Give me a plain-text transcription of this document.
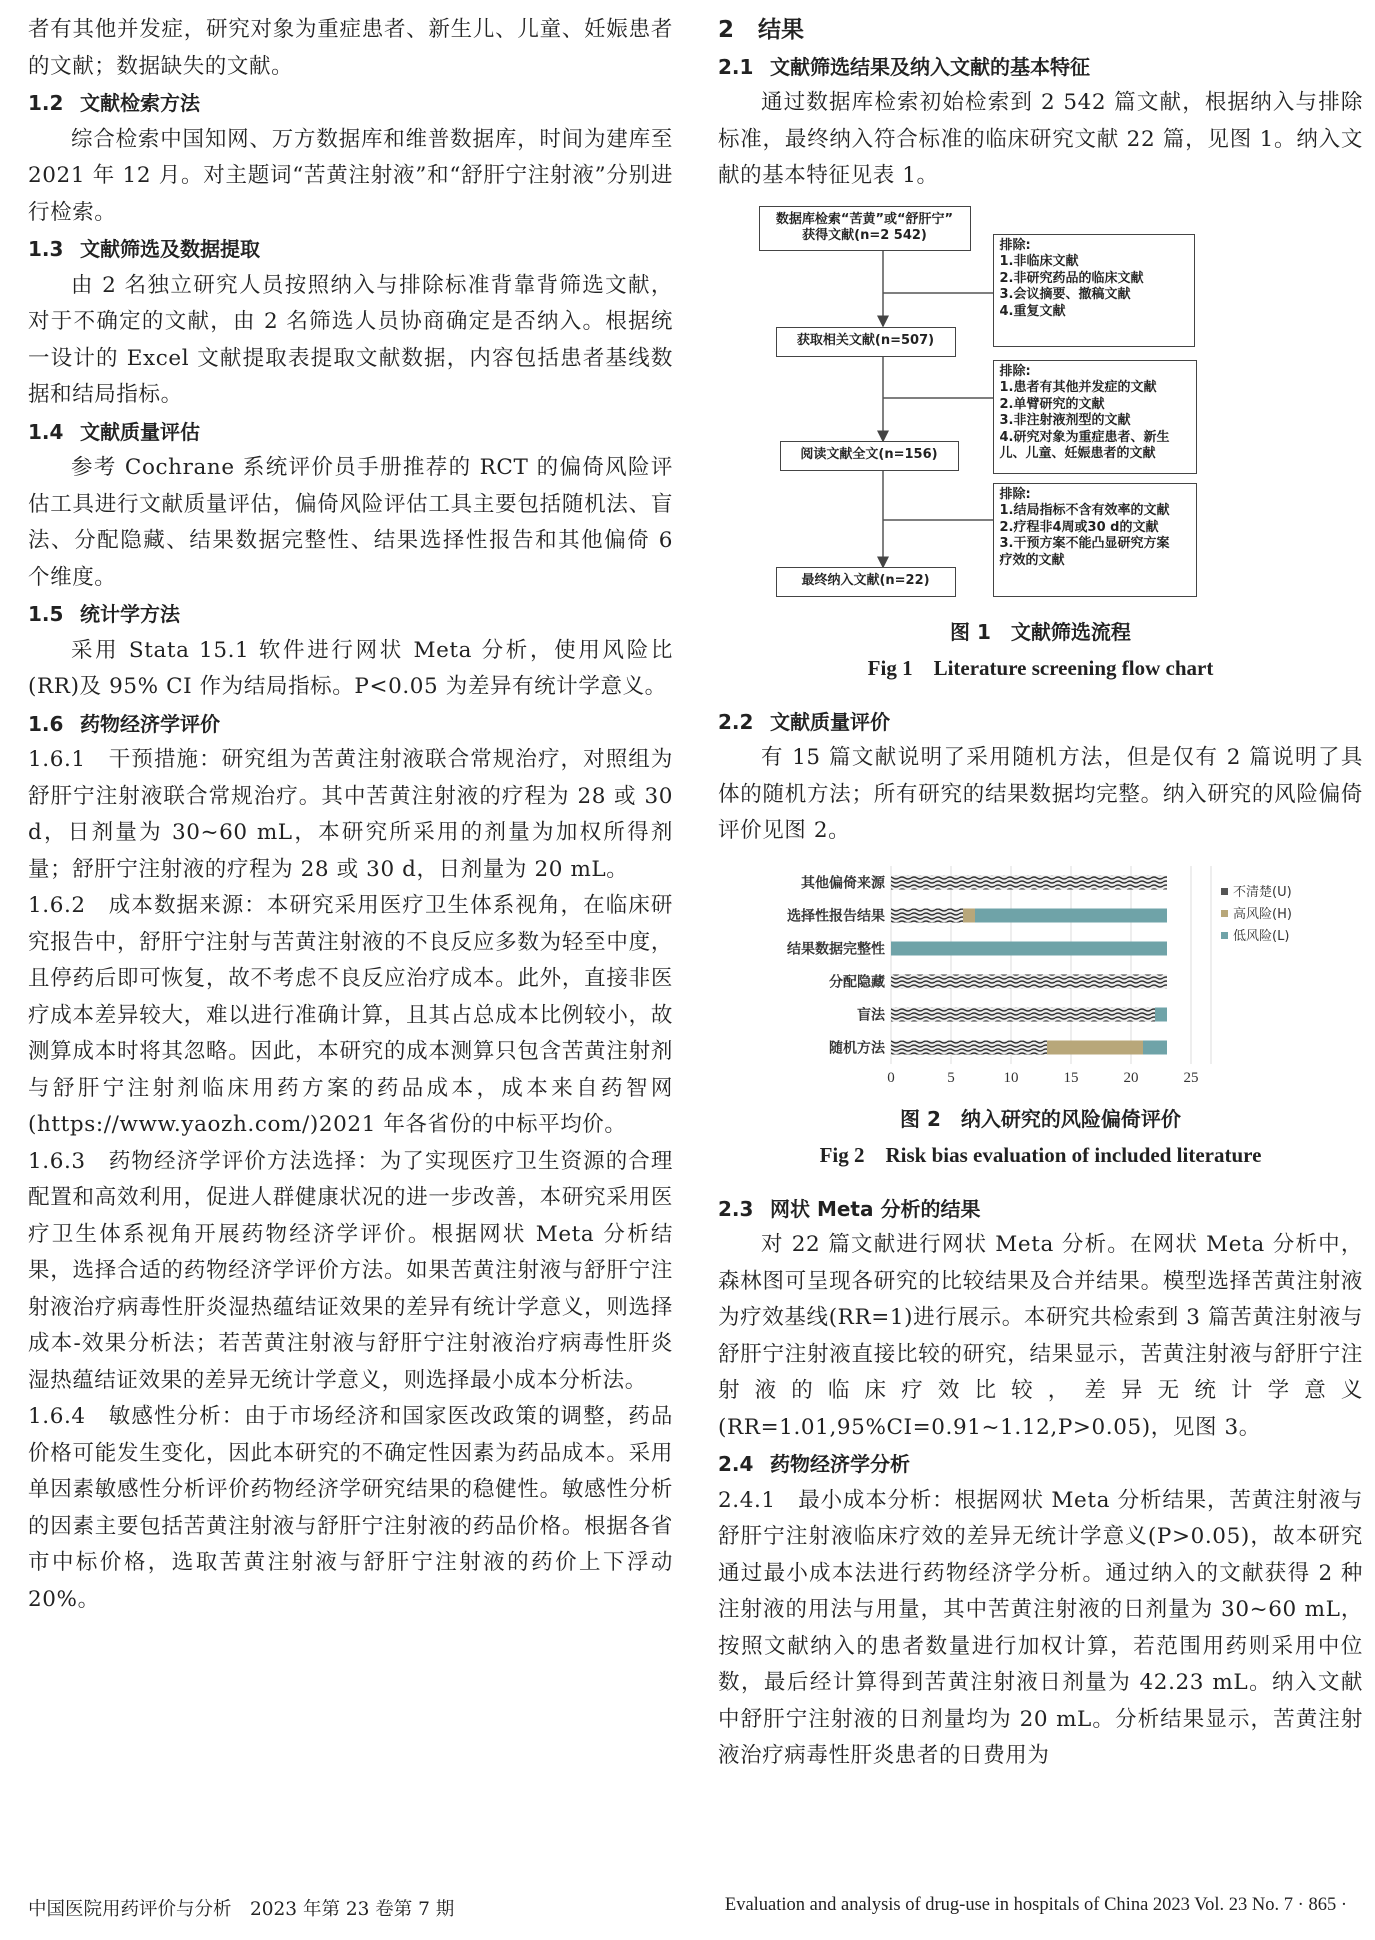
者有其他并发症，研究对象为重症患者、新生儿、儿童、妊娠患者的文献；数据缺失的文献。

1.2 文献检索方法

综合检索中国知网、万方数据库和维普数据库，时间为建库至 2021 年 12 月。对主题词“苦黄注射液”和“舒肝宁注射液”分别进行检索。

1.3 文献筛选及数据提取

由 2 名独立研究人员按照纳入与排除标准背靠背筛选文献，对于不确定的文献，由 2 名筛选人员协商确定是否纳入。根据统一设计的 Excel 文献提取表提取文献数据，内容包括患者基线数据和结局指标。

1.4 文献质量评估

参考 Cochrane 系统评价员手册推荐的 RCT 的偏倚风险评估工具进行文献质量评估，偏倚风险评估工具主要包括随机法、盲法、分配隐藏、结果数据完整性、结果选择性报告和其他偏倚 6 个维度。

1.5 统计学方法

采用 Stata 15.1 软件进行网状 Meta 分析，使用风险比(RR)及 95% CI 作为结局指标。P<0.05 为差异有统计学意义。

1.6 药物经济学评价

1.6.1　干预措施：研究组为苦黄注射液联合常规治疗，对照组为舒肝宁注射液联合常规治疗。其中苦黄注射液的疗程为 28 或 30 d，日剂量为 30~60 mL，本研究所采用的剂量为加权所得剂量；舒肝宁注射液的疗程为 28 或 30 d，日剂量为 20 mL。

1.6.2　成本数据来源：本研究采用医疗卫生体系视角，在临床研究报告中，舒肝宁注射与苦黄注射液的不良反应多数为轻至中度，且停药后即可恢复，故不考虑不良反应治疗成本。此外，直接非医疗成本差异较大，难以进行准确计算，且其占总成本比例较小，故测算成本时将其忽略。因此，本研究的成本测算只包含苦黄注射剂与舒肝宁注射剂临床用药方案的药品成本，成本来自药智网(https://www.yaozh.com/)2021 年各省份的中标平均价。

1.6.3　药物经济学评价方法选择：为了实现医疗卫生资源的合理配置和高效利用，促进人群健康状况的进一步改善，本研究采用医疗卫生体系视角开展药物经济学评价。根据网状 Meta 分析结果，选择合适的药物经济学评价方法。如果苦黄注射液与舒肝宁注射液治疗病毒性肝炎湿热蕴结证效果的差异有统计学意义，则选择成本-效果分析法；若苦黄注射液与舒肝宁注射液治疗病毒性肝炎湿热蕴结证效果的差异无统计学意义，则选择最小成本分析法。

1.6.4　敏感性分析：由于市场经济和国家医改政策的调整，药品价格可能发生变化，因此本研究的不确定性因素为药品成本。采用单因素敏感性分析评价药物经济学研究结果的稳健性。敏感性分析的因素主要包括苦黄注射液与舒肝宁注射液的药品价格。根据各省市中标价格，选取苦黄注射液与舒肝宁注射液的药价上下浮动 20%。

2 结果

2.1 文献筛选结果及纳入文献的基本特征

通过数据库检索初始检索到 2 542 篇文献，根据纳入与排除标准，最终纳入符合标准的临床研究文献 22 篇，见图 1。纳入文献的基本特征见表 1。

数据库检索“苦黄”或“舒肝宁”
获得文献(n=2 542)
获取相关文献(n=507)
阅读文献全文(n=156)
最终纳入文献(n=22)
排除:
1.非临床文献
2.非研究药品的临床文献
3.会议摘要、撤稿文献
4.重复文献
排除:
1.患者有其他并发症的文献
2.单臂研究的文献
3.非注射液剂型的文献
4.研究对象为重症患者、新生
儿、儿童、妊娠患者的文献
排除:
1.结局指标不含有效率的文献
2.疗程非4周或30 d的文献
3.干预方案不能凸显研究方案
疗效的文献

图 1　文献筛选流程

Fig 1　Literature screening flow chart

2.2 文献质量评价

有 15 篇文献说明了采用随机方法，但是仅有 2 篇说明了具体的随机方法；所有研究的结果数据均完整。纳入研究的风险偏倚评价见图 2。

0	5	10	15	20	25
其他偏倚来源
选择性报告结果
结果数据完整性
分配隐藏
盲法
随机方法
不清楚(U)
高风险(H)
低风险(L)

图 2　纳入研究的风险偏倚评价

Fig 2　Risk bias evaluation of included literature

2.3 网状 Meta 分析的结果

对 22 篇文献进行网状 Meta 分析。在网状 Meta 分析中，森林图可呈现各研究的比较结果及合并结果。模型选择苦黄注射液为疗效基线(RR=1)进行展示。本研究共检索到 3 篇苦黄注射液与舒肝宁注射液直接比较的研究，结果显示，苦黄注射液与舒肝宁注射液的临床疗效比较，差异无统计学意义(RR=1.01,95%CI=0.91~1.12,P>0.05)，见图 3。

2.4 药物经济学分析

2.4.1　最小成本分析：根据网状 Meta 分析结果，苦黄注射液与舒肝宁注射液临床疗效的差异无统计学意义(P>0.05)，故本研究通过最小成本法进行药物经济学分析。通过纳入的文献获得 2 种注射液的用法与用量，其中苦黄注射液的日剂量为 30~60 mL，按照文献纳入的患者数量进行加权计算，若范围用药则采用中位数，最后经计算得到苦黄注射液日剂量为 42.23 mL。纳入文献中舒肝宁注射液的日剂量均为 20 mL。分析结果显示，苦黄注射液治疗病毒性肝炎患者的日费用为

中国医院用药评价与分析　2023 年第 23 卷第 7 期	Evaluation and analysis of drug-use in hospitals of China 2023 Vol. 23 No. 7 · 865 ·
